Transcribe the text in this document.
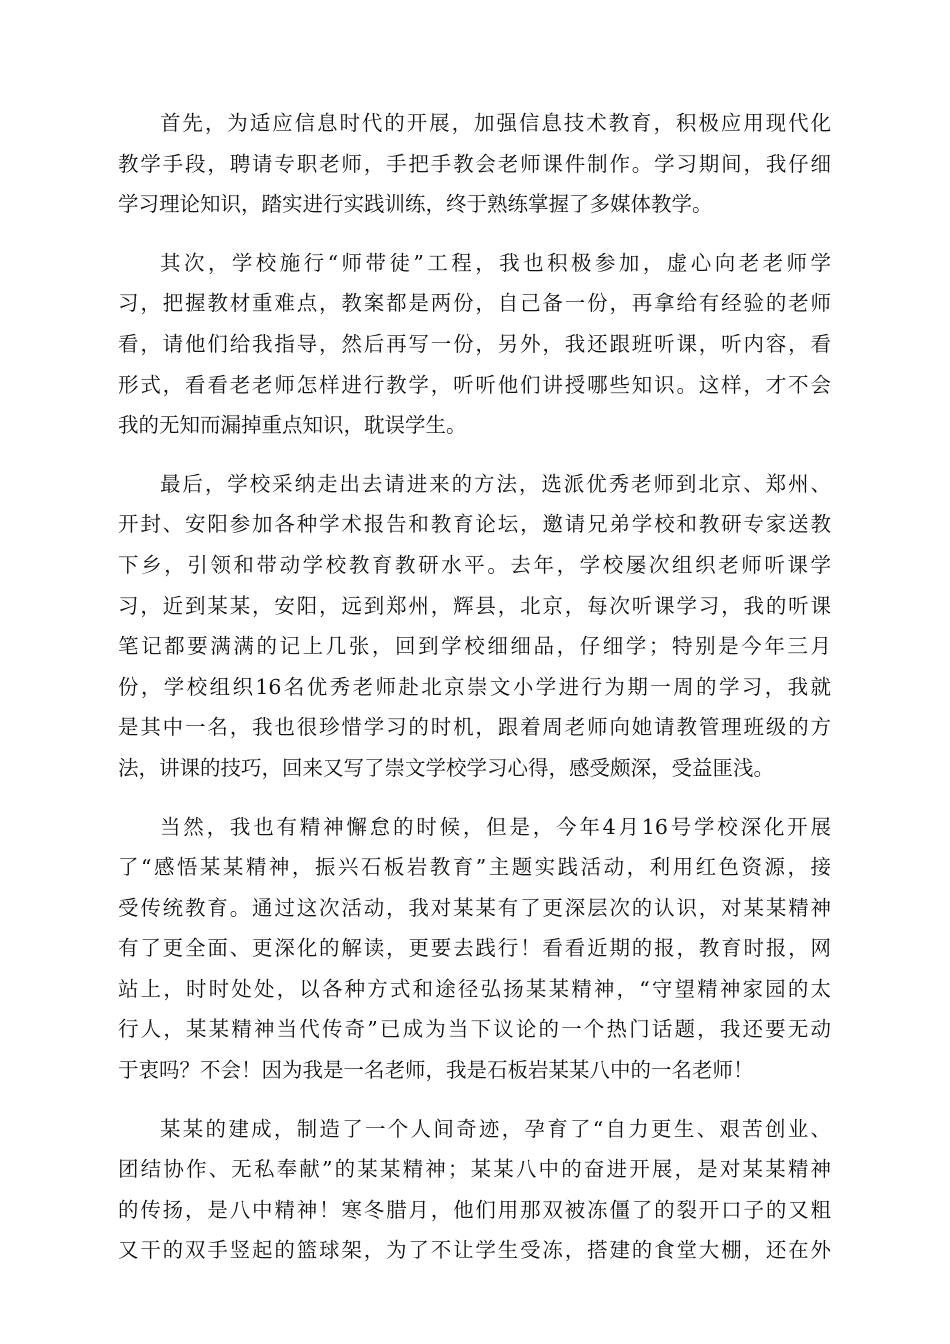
首先，为适应信息时代的开展，加强信息技术教育，积极应用现代化
教学手段，聘请专职老师，手把手教会老师课件制作。学习期间，我仔细
学习理论知识，踏实进行实践训练，终于熟练掌握了多媒体教学。
其次，学校施行“师带徒”工程，我也积极参加，虚心向老老师学
习，把握教材重难点，教案都是两份，自己备一份，再拿给有经验的老师
看，请他们给我指导，然后再写一份，另外，我还跟班听课，听内容，看
形式，看看老老师怎样进行教学，听听他们讲授哪些知识。这样，才不会
我的无知而漏掉重点知识，耽误学生。
最后，学校采纳走出去请进来的方法，选派优秀老师到北京、郑州、
开封、安阳参加各种学术报告和教育论坛，邀请兄弟学校和教研专家送教
下乡，引领和带动学校教育教研水平。去年，学校屡次组织老师听课学
习，近到某某，安阳，远到郑州，辉县，北京，每次听课学习，我的听课
笔记都要满满的记上几张，回到学校细细品，仔细学；特别是今年三月
份，学校组织16名优秀老师赴北京崇文小学进行为期一周的学习，我就
是其中一名，我也很珍惜学习的时机，跟着周老师向她请教管理班级的方
法，讲课的技巧，回来又写了崇文学校学习心得，感受颇深，受益匪浅。
当然，我也有精神懈怠的时候，但是，今年4月16号学校深化开展
了“感悟某某精神，振兴石板岩教育”主题实践活动，利用红色资源，接
受传统教育。通过这次活动，我对某某有了更深层次的认识，对某某精神
有了更全面、更深化的解读，更要去践行！看看近期的报，教育时报，网
站上，时时处处，以各种方式和途径弘扬某某精神，“守望精神家园的太
行人，某某精神当代传奇”已成为当下议论的一个热门话题，我还要无动
于衷吗？不会！因为我是一名老师，我是石板岩某某八中的一名老师！
某某的建成，制造了一个人间奇迹，孕育了“自力更生、艰苦创业、
团结协作、无私奉献”的某某精神；某某八中的奋进开展，是对某某精神
的传扬，是八中精神！寒冬腊月，他们用那双被冻僵了的裂开口子的又粗
又干的双手竖起的篮球架，为了不让学生受冻，搭建的食堂大棚，还在外
